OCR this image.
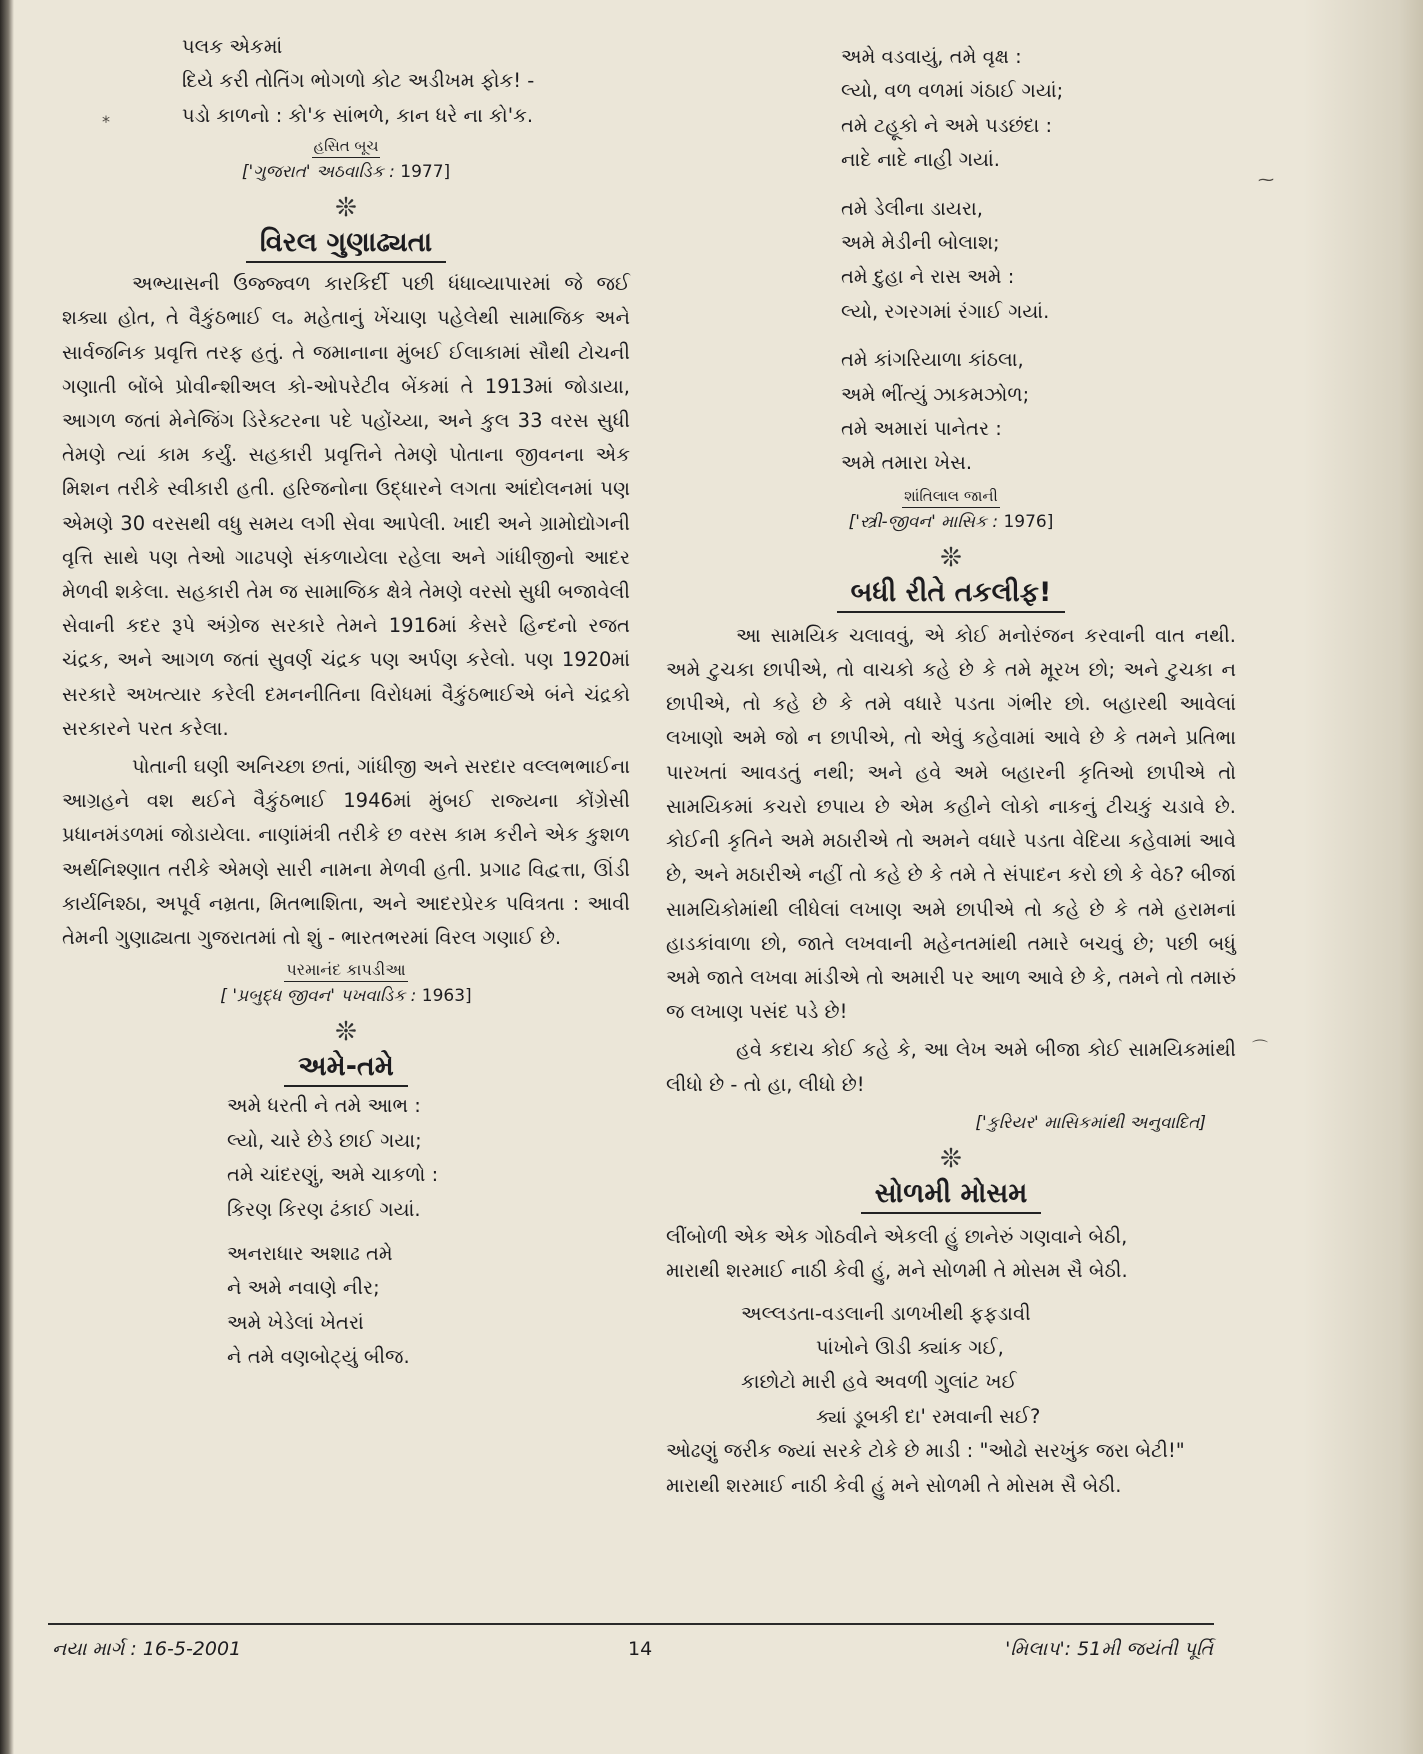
પલક એકમાં

દિયે કરી તોતિંગ ભોગળો કોટ અડીખમ ફોક! -

પડો કાળનો : કો'ક સાંભળે, કાન ધરે ના કો'ક.

હસિત બૂચ

['ગુજરાત' અઠવાડિક : 1977]

❊

વિરલ ગુણાઢ્યતા

અભ્યાસની ઉજ્જ્વળ કારકિર્દી પછી ધંધાવ્યાપારમાં જે જઈ શક્યા હોત, તે વૈકુંઠભાઈ લ૰ મહેતાનું ખેંચાણ પહેલેથી સામાજિક અને સાર્વજનિક પ્રવૃત્તિ તરફ હતું. તે જમાનાના મુંબઈ ઈલાકામાં સૌથી ટોચની ગણાતી બોંબે પ્રોવીન્શીઅલ કો-ઓપરેટીવ બેંકમાં તે 1913માં જોડાયા, આગળ જતાં મેનેજિંગ ડિરેક્ટરના પદે પહોંચ્યા, અને કુલ 33 વરસ સુધી તેમણે ત્યાં કામ કર્યું. સહકારી પ્રવૃત્તિને તેમણે પોતાના જીવનના એક મિશન તરીકે સ્વીકારી હતી. હરિજનોના ઉદ્ધારને લગતા આંદોલનમાં પણ એમણે 30 વરસથી વધુ સમય લગી સેવા આપેલી. ખાદી અને ગ્રામોદ્યોગની વૃત્તિ સાથે પણ તેઓ ગાઢપણે સંકળાયેલા રહેલા અને ગાંધીજીનો આદર મેળવી શકેલા. સહકારી તેમ જ સામાજિક ક્ષેત્રે તેમણે વરસો સુધી બજાવેલી સેવાની કદર રૂપે અંગ્રેજ સરકારે તેમને 1916માં કેસરે હિન્દનો રજત ચંદ્રક, અને આગળ જતાં સુવર્ણ ચંદ્રક પણ અર્પણ કરેલો. પણ 1920માં સરકારે અખત્યાર કરેલી દમનનીતિના વિરોધમાં વૈકુંઠભાઈએ બંને ચંદ્રકો સરકારને પરત કરેલા.

પોતાની ઘણી અનિચ્છા છતાં, ગાંધીજી અને સરદાર વલ્લભભાઈના આગ્રહને વશ થઈને વૈકુંઠભાઈ 1946માં મુંબઈ રાજ્યના કોંગ્રેસી પ્રધાનમંડળમાં જોડાયેલા. નાણાંમંત્રી તરીકે છ વરસ કામ કરીને એક કુશળ અર્થનિશ્ણાત તરીકે એમણે સારી નામના મેળવી હતી. પ્રગાઢ વિદ્વત્તા, ઊંડી કાર્યનિશ્ઠા, અપૂર્વ નમ્રતા, મિતભાશિતા, અને આદરપ્રેરક પવિત્રતા : આવી તેમની ગુણાઢ્યતા ગુજરાતમાં તો શું - ભારતભરમાં વિરલ ગણાઈ છે.

પરમાનંદ કાપડીઆ

[ 'પ્રબુદ્ધ જીવન' પખવાડિક : 1963]

❊

અમે-તમે

અમે ધરતી ને તમે આભ :

લ્યો, ચારે છેડે છાઈ ગયા;

તમે ચાંદરણું, અમે ચાકળો :

કિરણ કિરણ ઢંકાઈ ગયાં.

અનરાધાર અશાઢ તમે

ને અમે નવાણે નીર;

અમે ખેડેલાં ખેતરાં

ને તમે વણબોટ્યું બીજ.

અમે વડવાયું, તમે વૃક્ષ :

લ્યો, વળ વળમાં ગંઠાઈ ગયાં;

તમે ટહૂકો ને અમે પડછંદા :

નાદે નાદે નાહી ગયાં.

તમે ડેલીના ડાયરા,

અમે મેડીની બોલાશ;

તમે દુહા ને રાસ અમે :

લ્યો, રગરગમાં રંગાઈ ગયાં.

તમે કાંગરિયાળા કાંઠલા,

અમે ભીંત્યું ઝાકમઝોળ;

તમે અમારાં પાનેતર :

અમે તમારા ખેસ.

શાંતિલાલ જાની

['સ્ત્રી-જીવન' માસિક : 1976]

❊

બધી રીતે તકલીફ!

આ સામયિક ચલાવવું, એ કોઈ મનોરંજન કરવાની વાત નથી. અમે ટુચકા છાપીએ, તો વાચકો કહે છે કે તમે મૂરખ છો; અને ટુચકા ન છાપીએ, તો કહે છે કે તમે વધારે પડતા ગંભીર છો. બહારથી આવેલાં લખાણો અમે જો ન છાપીએ, તો એવું કહેવામાં આવે છે કે તમને પ્રતિભા પારખતાં આવડતું નથી; અને હવે અમે બહારની કૃતિઓ છાપીએ તો સામયિકમાં કચરો છપાય છે એમ કહીને લોકો નાકનું ટીચકું ચડાવે છે. કોઈની કૃતિને અમે મઠારીએ તો અમને વધારે પડતા વેદિયા કહેવામાં આવે છે, અને મઠારીએ નહીં તો કહે છે કે તમે તે સંપાદન કરો છો કે વેઠ? બીજાં સામયિકોમાંથી લીધેલાં લખાણ અમે છાપીએ તો કહે છે કે તમે હરામનાં હાડકાંવાળા છો, જાતે લખવાની મહેનતમાંથી તમારે બચવું છે; પછી બધું અમે જાતે લખવા માંડીએ તો અમારી પર આળ આવે છે કે, તમને તો તમારું જ લખાણ પસંદ પડે છે!

હવે કદાચ કોઈ કહે કે, આ લેખ અમે બીજા કોઈ સામયિકમાંથી લીધો છે - તો હા, લીધો છે!

['કુરિયર' માસિકમાંથી અનુવાદિત]

❊

સોળમી મોસમ

લીંબોળી એક એક ગોઠવીને એકલી હું છાનેરું ગણવાને બેઠી,

મારાથી શરમાઈ નાઠી કેવી હું, મને સોળમી તે મોસમ સૈ બેઠી.

અલ્લડતા-વડલાની ડાળખીથી ફફડાવી

પાંખોને ઊડી ક્યાંક ગઈ,

કાછોટો મારી હવે અવળી ગુલાંટ ખઈ

ક્યાં ડૂબકી દા' રમવાની સઈ?

ઓઢણું જરીક જ્યાં સરકે ટોકે છે માડી : "ઓઢો સરખુંક જરા બેટી!"

મારાથી શરમાઈ નાઠી કેવી હું મને સોળમી તે મોસમ સૈ બેઠી.

નયા માર્ગ : 16-5-2001	14	'મિલાપ': 51મી જયંતી પૂર્તિ
*
⁓
⌒
